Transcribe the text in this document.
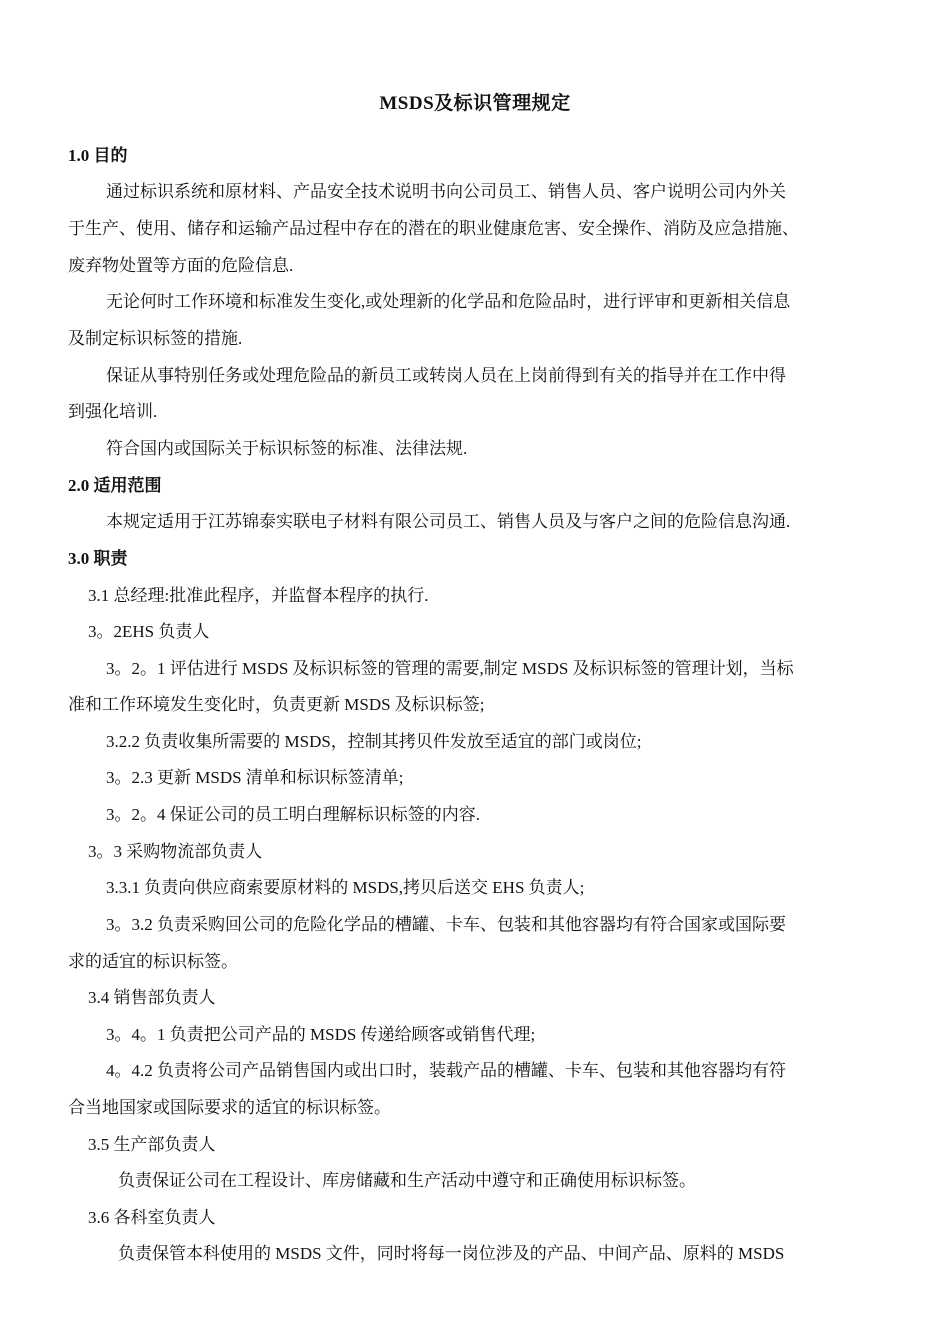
MSDS及标识管理规定
1.0 目的
通过标识系统和原材料、产品安全技术说明书向公司员工、销售人员、客户说明公司内外关
于生产、使用、储存和运输产品过程中存在的潜在的职业健康危害、安全操作、消防及应急措施、
废弃物处置等方面的危险信息.
无论何时工作环境和标准发生变化,或处理新的化学品和危险品时，进行评审和更新相关信息
及制定标识标签的措施.
保证从事特别任务或处理危险品的新员工或转岗人员在上岗前得到有关的指导并在工作中得
到强化培训.
符合国内或国际关于标识标签的标准、法律法规.
2.0 适用范围
本规定适用于江苏锦泰实联电子材料有限公司员工、销售人员及与客户之间的危险信息沟通.
3.0 职责
3.1 总经理:批准此程序，并监督本程序的执行.
3。2EHS 负责人
3。2。1 评估进行 MSDS 及标识标签的管理的需要,制定 MSDS 及标识标签的管理计划，当标
准和工作环境发生变化时，负责更新 MSDS 及标识标签;
3.2.2 负责收集所需要的 MSDS，控制其拷贝件发放至适宜的部门或岗位;
3。2.3 更新 MSDS 清单和标识标签清单;
3。2。4 保证公司的员工明白理解标识标签的内容.
3。3 采购物流部负责人
3.3.1 负责向供应商索要原材料的 MSDS,拷贝后送交 EHS 负责人;
3。3.2 负责采购回公司的危险化学品的槽罐、卡车、包装和其他容器均有符合国家或国际要
求的适宜的标识标签。
3.4 销售部负责人
3。4。1 负责把公司产品的 MSDS 传递给顾客或销售代理;
4。4.2 负责将公司产品销售国内或出口时，装载产品的槽罐、卡车、包装和其他容器均有符
合当地国家或国际要求的适宜的标识标签。
3.5 生产部负责人
负责保证公司在工程设计、库房储藏和生产活动中遵守和正确使用标识标签。
3.6 各科室负责人
负责保管本科使用的 MSDS 文件，同时将每一岗位涉及的产品、中间产品、原料的 MSDS
